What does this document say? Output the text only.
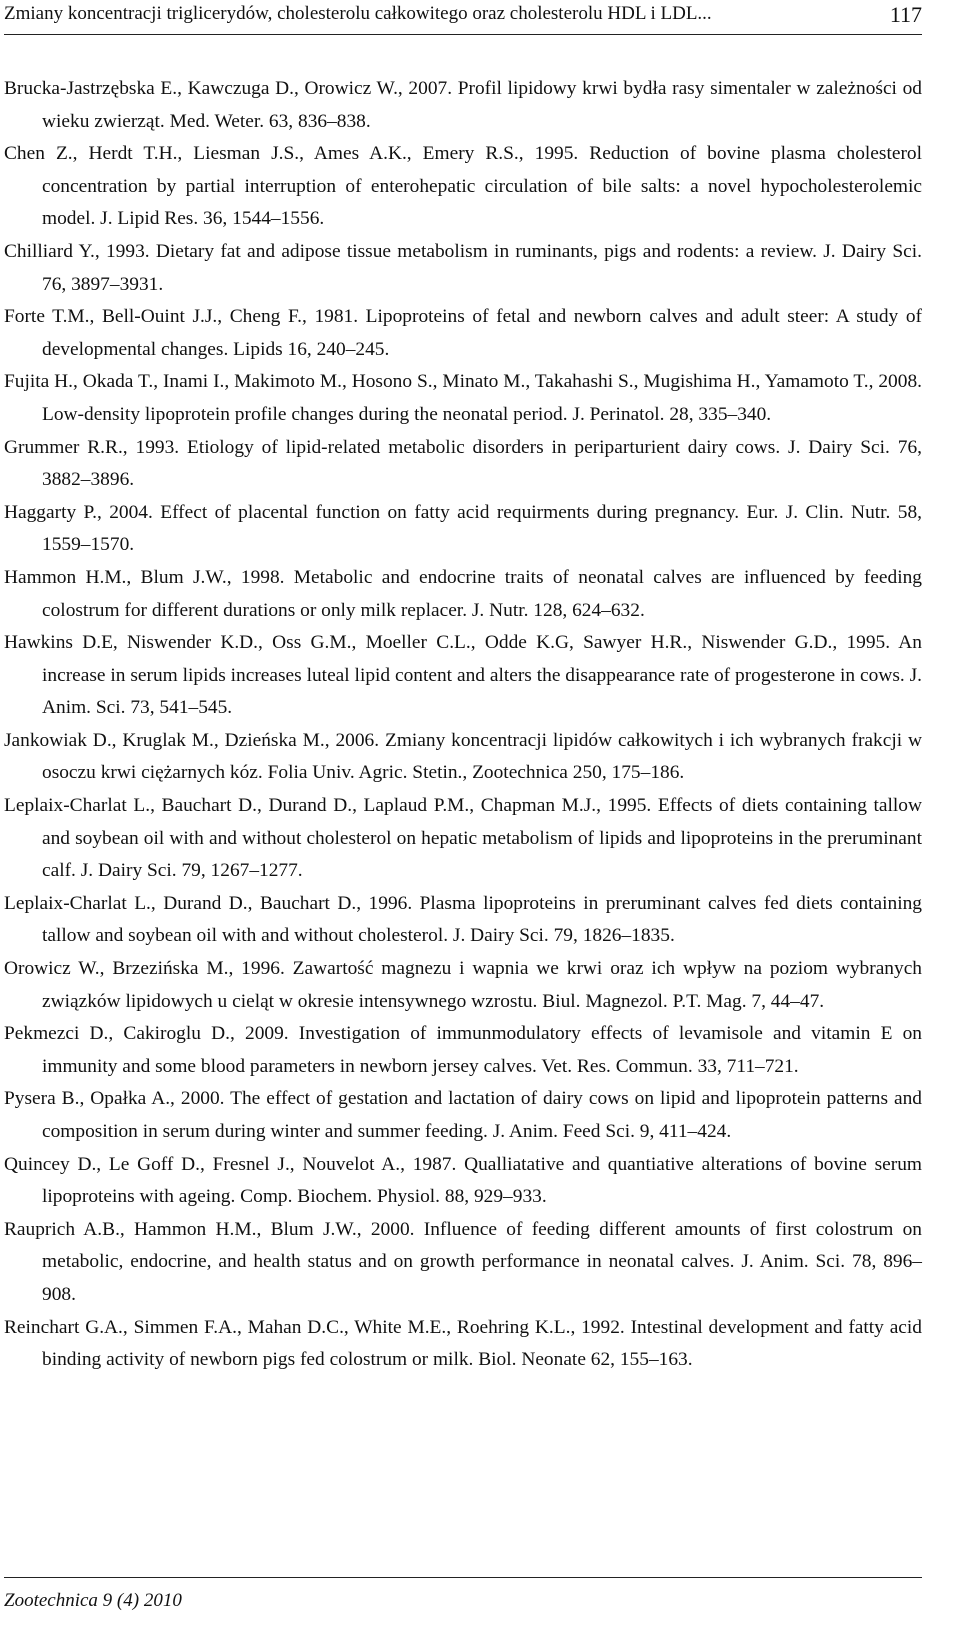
Zmiany koncentracji triglicerydów, cholesterolu całkowitego oraz cholesterolu HDL i LDL...	117

Brucka-Jastrzębska E., Kawczuga D., Orowicz W., 2007. Profil lipidowy krwi bydła rasy simentaler w zależności od wieku zwierząt. Med. Weter. 63, 836–838.

Chen Z., Herdt T.H., Liesman J.S., Ames A.K., Emery R.S., 1995. Reduction of bovine plasma cholesterol concentration by partial interruption of enterohepatic circulation of bile salts: a novel hypocholesterolemic model. J. Lipid Res. 36, 1544–1556.

Chilliard Y., 1993. Dietary fat and adipose tissue metabolism in ruminants, pigs and rodents: a review. J. Dairy Sci. 76, 3897–3931.

Forte T.M., Bell-Ouint J.J., Cheng F., 1981. Lipoproteins of fetal and newborn calves and adult steer: A study of developmental changes. Lipids 16, 240–245.

Fujita H., Okada T., Inami I., Makimoto M., Hosono S., Minato M., Takahashi S., Mugishima H., Yamamoto T., 2008. Low-density lipoprotein profile changes during the neonatal period. J. Perinatol. 28, 335–340.

Grummer R.R., 1993. Etiology of lipid-related metabolic disorders in periparturient dairy cows. J. Dairy Sci. 76, 3882–3896.

Haggarty P., 2004. Effect of placental function on fatty acid requirments during pregnancy. Eur. J. Clin. Nutr. 58, 1559–1570.

Hammon H.M., Blum J.W., 1998. Metabolic and endocrine traits of neonatal calves are influenced by feeding colostrum for different durations or only milk replacer. J. Nutr. 128, 624–632.

Hawkins D.E, Niswender K.D., Oss G.M., Moeller C.L., Odde K.G, Sawyer H.R., Niswender G.D., 1995. An increase in serum lipids increases luteal lipid content and alters the disappearance rate of progesterone in cows. J. Anim. Sci. 73, 541–545.

Jankowiak D., Kruglak M., Dzieńska M., 2006. Zmiany koncentracji lipidów całkowitych i ich wybranych frakcji w osoczu krwi ciężarnych kóz. Folia Univ. Agric. Stetin., Zootechnica 250, 175–186.

Leplaix-Charlat L., Bauchart D., Durand D., Laplaud P.M., Chapman M.J., 1995. Effects of diets containing tallow and soybean oil with and without cholesterol on hepatic metabolism of lipids and lipoproteins in the preruminant calf. J. Dairy Sci. 79, 1267–1277.

Leplaix-Charlat L., Durand D., Bauchart D., 1996. Plasma lipoproteins in preruminant calves fed diets containing tallow and soybean oil with and without cholesterol. J. Dairy Sci. 79, 1826–1835.

Orowicz W., Brzezińska M., 1996. Zawartość magnezu i wapnia we krwi oraz ich wpływ na poziom wybranych związków lipidowych u cieląt w okresie intensywnego wzrostu. Biul. Magnezol. P.T. Mag. 7, 44–47.

Pekmezci D., Cakiroglu D., 2009. Investigation of immunmodulatory effects of levamisole and vitamin E on immunity and some blood parameters in newborn jersey calves. Vet. Res. Commun. 33, 711–721.

Pysera B., Opałka A., 2000. The effect of gestation and lactation of dairy cows on lipid and lipoprotein patterns and composition in serum during winter and summer feeding. J. Anim. Feed Sci. 9, 411–424.

Quincey D., Le Goff D., Fresnel J., Nouvelot A., 1987. Qualliatative and quantiative alterations of bovine serum lipoproteins with ageing. Comp. Biochem. Physiol. 88, 929–933.

Rauprich A.B., Hammon H.M., Blum J.W., 2000. Influence of feeding different amounts of first colostrum on metabolic, endocrine, and health status and on growth performance in neonatal calves. J. Anim. Sci. 78, 896–908.

Reinchart G.A., Simmen F.A., Mahan D.C., White M.E., Roehring K.L., 1992. Intestinal development and fatty acid binding activity of newborn pigs fed colostrum or milk. Biol. Neonate 62, 155–163.

Zootechnica 9 (4) 2010
